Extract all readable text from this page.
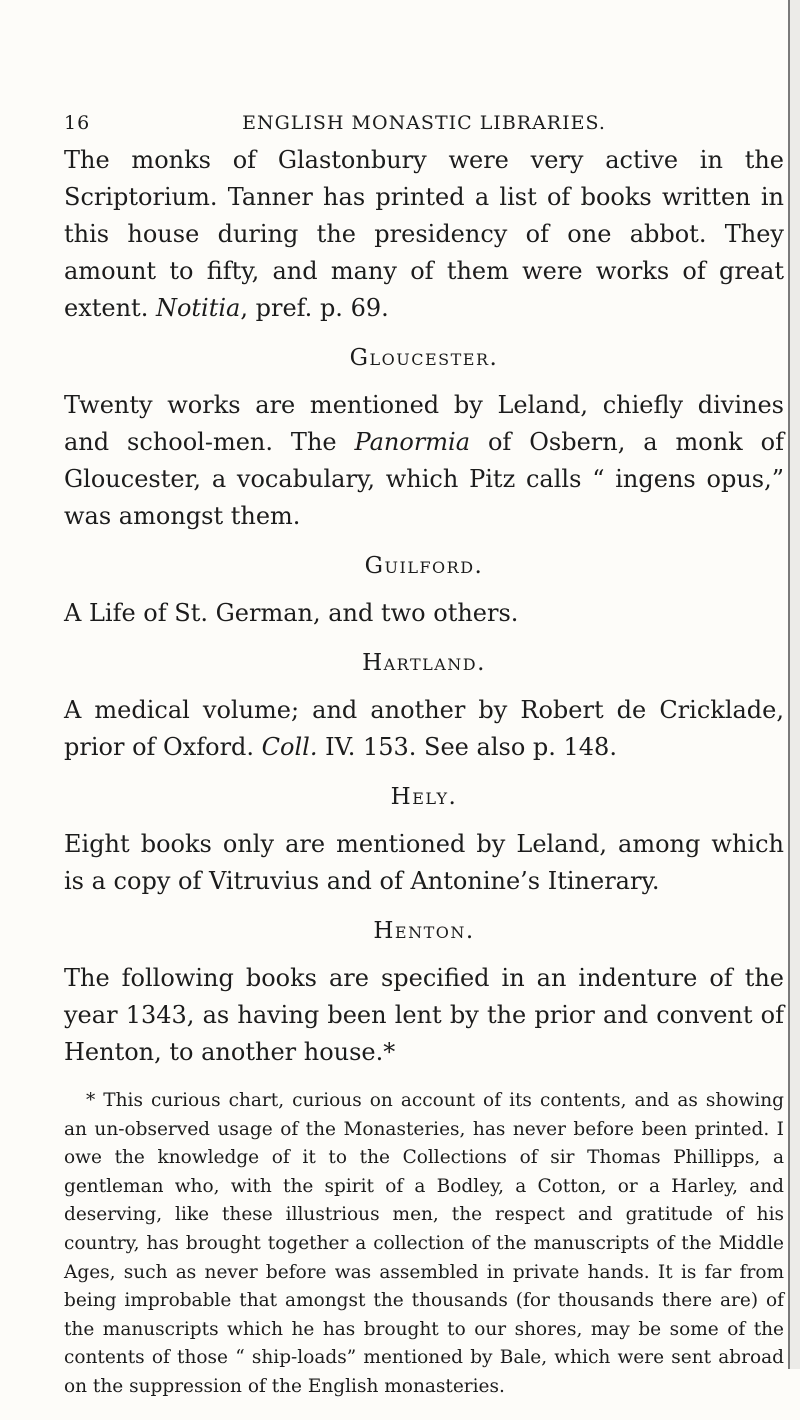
16	ENGLISH MONASTIC LIBRARIES.

The monks of Glastonbury were very active in the Scriptorium. Tanner has printed a list of books written in this house during the presidency of one abbot. They amount to fifty, and many of them were works of great extent. Notitia, pref. p. 69.

Gloucester.

Twenty works are mentioned by Leland, chiefly divines and school-men. The Panormia of Osbern, a monk of Gloucester, a vocabulary, which Pitz calls “ ingens opus,” was amongst them.

Guilford.

A Life of St. German, and two others.

Hartland.

A medical volume; and another by Robert de Cricklade, prior of Oxford. Coll. IV. 153. See also p. 148.

Hely.

Eight books only are mentioned by Leland, among which is a copy of Vitruvius and of Antonine’s Itinerary.

Henton.

The following books are specified in an indenture of the year 1343, as having been lent by the prior and convent of Henton, to another house.*

* This curious chart, curious on account of its contents, and as showing an un-observed usage of the Monasteries, has never before been printed. I owe the knowledge of it to the Collections of sir Thomas Phillipps, a gentleman who, with the spirit of a Bodley, a Cotton, or a Harley, and deserving, like these illustrious men, the respect and gratitude of his country, has brought together a collection of the manuscripts of the Middle Ages, such as never before was assembled in private hands. It is far from being improbable that amongst the thousands (for thousands there are) of the manuscripts which he has brought to our shores, may be some of the contents of those “ ship-loads” mentioned by Bale, which were sent abroad on the suppression of the English monasteries.
